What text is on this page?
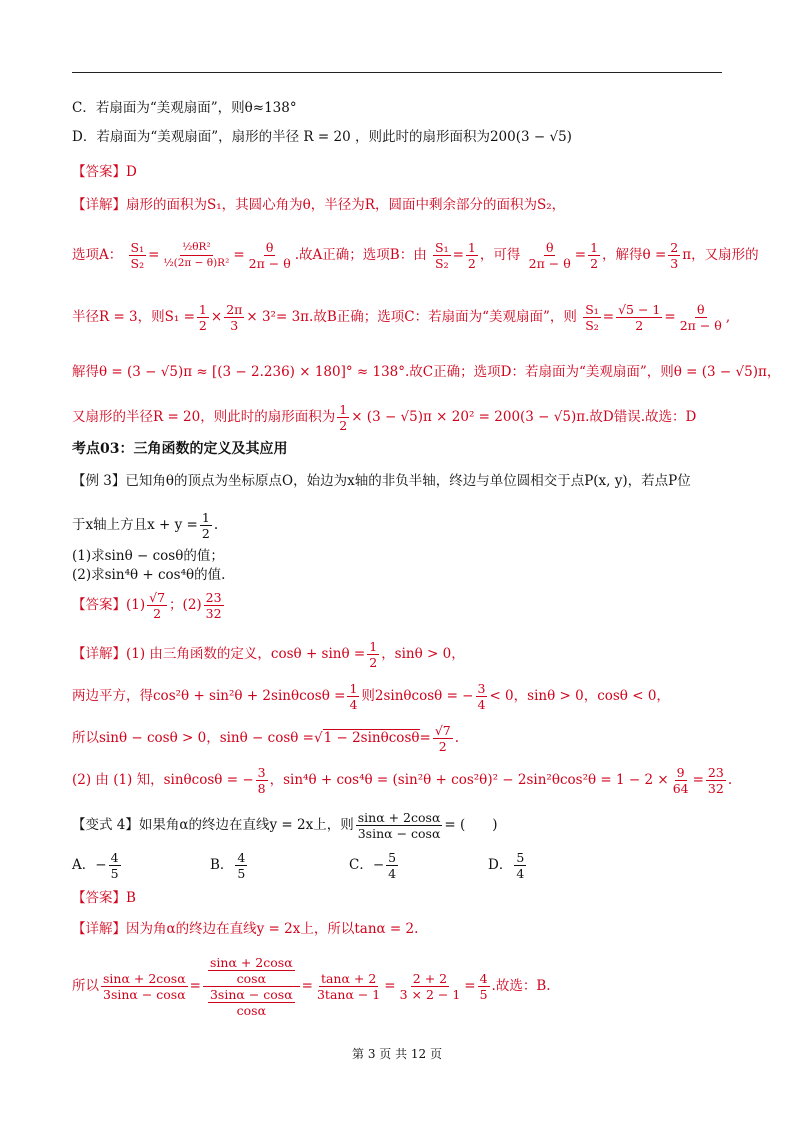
C．若扇面为“美观扇面”，则θ≈138°
D．若扇面为“美观扇面”，扇形的半径 R = 20 ，则此时的扇形面积为200(3 − √5)
【答案】D
【详解】扇形的面积为S₁，其圆心角为θ，半径为R，圆面中剩余部分的面积为S₂，
选项A： $\frac{\text{S₁}}{\text{S₂}} = \frac{\text{½θR²}}{\text{½(2π − θ)R²}} = \frac{\theta}{2\pi - \theta}$ .故A正确；选项B：由 $\frac{\text{S₁}}{\text{S₂}} = \frac{1}{2}$ ，可得 $\frac{\theta}{2\pi - \theta} = \frac{1}{2}$ ，解得$\theta = \frac{2}{3}$ π，又扇形的
半径R = 3，则$S_1 = \frac{1}{2} \times \frac{2\pi}{3} \times 3^2= 3\pi$.故B正确；选项C：若扇面为“美观扇面”，则 $\frac{\text{S₁}}{\text{S₂}} = \frac{√5 - 1}{2} = \frac{\theta}{2\pi - \theta}$ ,
解得θ = (3 − √5)π ≈ [(3 − 2.236) × 180]° ≈ 138°.故C正确；选项D：若扇面为“美观扇面”，则θ = (3 − √5)π，
又扇形的半径R = 20，则此时的扇形面积为 $\frac{1}{2} \times (3 - √5)\pi \times 20^2 = 200(3 - √5)\pi$.故D错误.故选：D
考点03：三角函数的定义及其应用
【例 3】已知角θ的顶点为坐标原点O，始边为x轴的非负半轴，终边与单位圆相交于点P(x, y)，若点P位
于x轴上方且$x + y = \frac{1}{2}$ .
(1)求sinθ − cosθ的值；
(2)求sin⁴θ + cos⁴θ的值.
【答案】$(1) \frac{√7}{2}$ ；$(2) \frac{23}{32}$
【详解】(1) 由三角函数的定义，$\cos\theta + \sin\theta = \frac{1}{2}$ ，sinθ > 0，
两边平方，得$\cos^2\theta + \sin^2\theta + 2\sin\theta\cos\theta = \frac{1}{4}$ 则2sinθcosθ = − $\frac{3}{4} < 0$，sinθ > 0，cosθ < 0，
所以sinθ − cosθ > 0，$\sin\theta - \cos\theta =√1 - 2\sin\theta\cos\theta= \frac{√7}{2}$ .
(2) 由 (1) 知，sinθcosθ = − $\frac{3}{8}$ ，$\sin^4\theta + \cos^4\theta = (\sin^2\theta + \cos^2\theta)^2 - 2\sin^2\theta\cos^2\theta = 1 - 2 \times \frac{9}{64} = \frac{23}{32}$ .
【变式 4】如果角α的终边在直线y = 2x上，则 $\frac{\sin\alpha + 2\cos\alpha}{3\sin\alpha - \cos\alpha}$ = (　　)
A．− $\frac{4}{5}$	B． $\frac{4}{5}$	C．− $\frac{5}{4}$	D． $\frac{5}{4}$
【答案】B
【详解】因为角α的终边在直线y = 2x上，所以tanα = 2.
所以 $\frac{\sin\alpha + 2\cos\alpha}{3\sin\alpha - \cos\alpha} = \frac{\frac{\sin\alpha + 2\cos\alpha}{\cos\alpha}}{\frac{3\sin\alpha - \cos\alpha}{\cos\alpha}} = \frac{\tan\alpha + 2}{3\tan\alpha - 1} = \frac{2 + 2}{3 \times 2 - 1} = \frac{4}{5}$ .故选：B.
第 3 页 共 12 页
